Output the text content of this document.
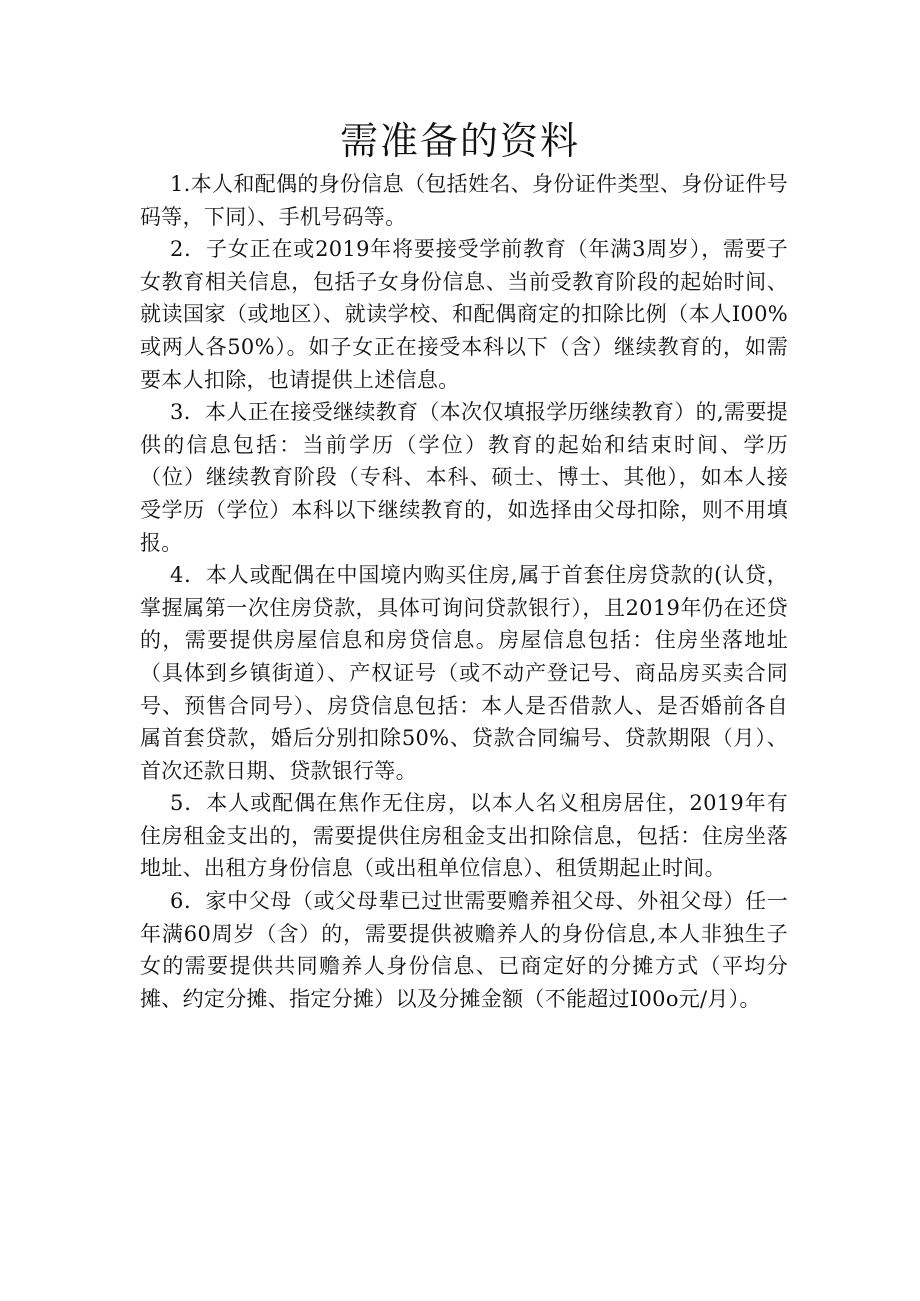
需准备的资料

1.本人和配偶的身份信息（包括姓名、身份证件类型、身份证件号码等，下同）、手机号码等。

2．子女正在或2019年将要接受学前教育（年满3周岁），需要子女教育相关信息，包括子女身份信息、当前受教育阶段的起始时间、就读国家（或地区）、就读学校、和配偶商定的扣除比例（本人I00%或两人各50%）。如子女正在接受本科以下（含）继续教育的，如需要本人扣除，也请提供上述信息。

3．本人正在接受继续教育（本次仅填报学历继续教育）的,需要提供的信息包括：当前学历（学位）教育的起始和结束时间、学历（位）继续教育阶段（专科、本科、硕士、博士、其他），如本人接受学历（学位）本科以下继续教育的，如选择由父母扣除，则不用填报。

4．本人或配偶在中国境内购买住房,属于首套住房贷款的(认贷，掌握属第一次住房贷款，具体可询问贷款银行），且2019年仍在还贷的，需要提供房屋信息和房贷信息。房屋信息包括：住房坐落地址（具体到乡镇街道）、产权证号（或不动产登记号、商品房买卖合同号、预售合同号）、房贷信息包括：本人是否借款人、是否婚前各自属首套贷款，婚后分别扣除50%、贷款合同编号、贷款期限（月）、首次还款日期、贷款银行等。

5．本人或配偶在焦作无住房，以本人名义租房居住，2019年有住房租金支出的，需要提供住房租金支出扣除信息，包括：住房坐落地址、出租方身份信息（或出租单位信息）、租赁期起止时间。

6．家中父母（或父母辈已过世需要赡养祖父母、外祖父母）任一年满60周岁（含）的，需要提供被赡养人的身份信息,本人非独生子女的需要提供共同赡养人身份信息、已商定好的分摊方式（平均分摊、约定分摊、指定分摊）以及分摊金额（不能超过I00o元/月）。
